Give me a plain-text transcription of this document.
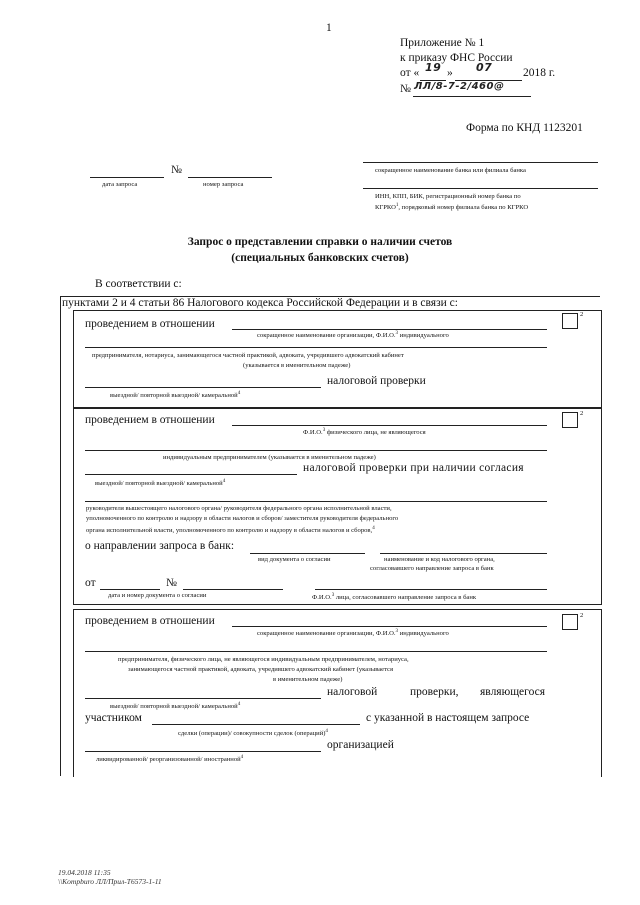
1
Приложение № 1
к приказу ФНС России
от « 19 » 07	2018 г.
№ ЛЛ/8-7-2/460@
Форма по КНД 1123201
№
дата запроса	номер запроса
сокращенное наименование банка или филиала банка
ИНН, КПП, БИК, регистрационный номер банка по
КГРКО$^1$, порядковый номер филиала банка по КГРКО
Запрос о представлении справки о наличии счетов
(специальных банковских счетов)
В соответствии с:
пунктами 2 и 4 статьи 86 Налогового кодекса Российской Федерации и в связи с:
проведением в отношении
2
сокращенное наименование организации, Ф.И.О.$^3$ индивидуального
предпринимателя, нотариуса, занимающегося частной практикой, адвоката, учредившего адвокатский кабинет
(указывается в именительном падеже)
налоговой проверки
выездной/ повторной выездной/ камеральной$^4$
проведением в отношении
2
Ф.И.О.$^3$ физического лица, не являющегося
индивидуальным предпринимателем (указывается в именительном падеже)
налоговой проверки при наличии согласия
выездной/ повторной выездной/ камеральной$^4$
руководителя вышестоящего налогового органа/ руководителя федерального органа исполнительной власти,
уполномоченного по контролю и надзору в области налогов и сборов/ заместителя руководителя федерального
органа исполнительной власти, уполномоченного по контролю и надзору в области налогов и сборов,$^4$
о направлении запроса в банк:
вид документа о согласии	наименование и код налогового органа,
согласовавшего направление запроса в банк
от	№
дата и номер документа о согласии	Ф.И.О.$^3$ лица, согласовавшего направление запроса в банк
проведением в отношении	2
сокращенное наименование организации, Ф.И.О.$^3$ индивидуального
предпринимателя, физического лица, не являющегося индивидуальным предпринимателем, нотариуса,
занимающегося частной практикой, адвоката, учредившего адвокатский кабинет (указывается
в именительном падеже)
налоговой	проверки, являющегося
выездной/ повторной выездной/ камеральной$^4$
участником	с указанной в настоящем запросе
сделки (операции)/ совокупности сделок (операций)$^4$
организацией
ликвидированной/ реорганизованной/ иностранной$^4$
19.04.2018 11:35
\\Kompburo ЛЛ/Прил-Т6573-1-11
